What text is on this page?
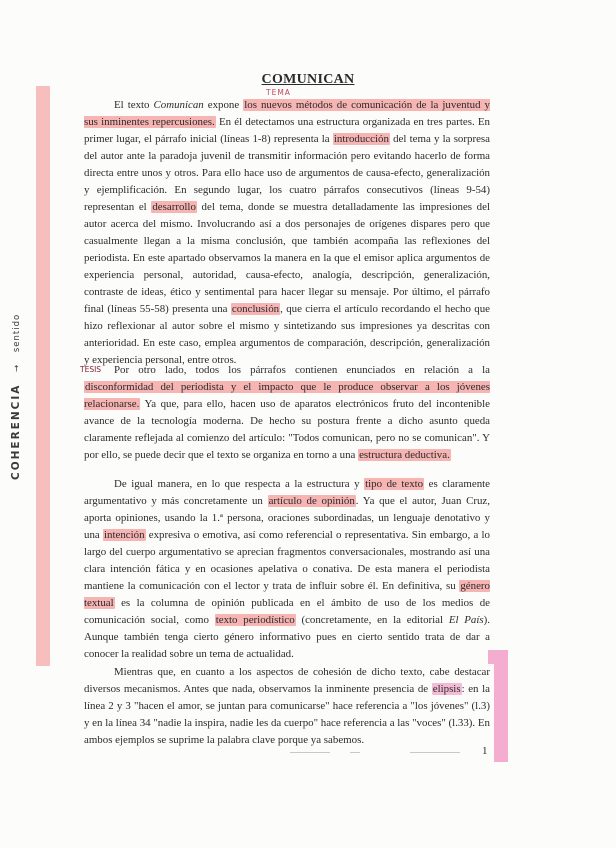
COHERENCIA → sentido
COMUNICAN
TEMA
TESIS

El texto Comunican expone los nuevos métodos de comunicación de la juventud y sus inminentes repercusiones. En él detectamos una estructura organizada en tres partes. En primer lugar, el párrafo inicial (líneas 1-8) representa la introducción del tema y la sorpresa del autor ante la paradoja juvenil de transmitir información pero evitando hacerlo de forma directa entre unos y otros. Para ello hace uso de argumentos de causa-efecto, generalización y ejemplificación. En segundo lugar, los cuatro párrafos consecutivos (líneas 9-54) representan el desarrollo del tema, donde se muestra detalladamente las impresiones del autor acerca del mismo. Involucrando así a dos personajes de orígenes dispares pero que casualmente llegan a la misma conclusión, que también acompaña las reflexiones del periodista. En este apartado observamos la manera en la que el emisor aplica argumentos de experiencia personal, autoridad, causa-efecto, analogía, descripción, generalización, contraste de ideas, ético y sentimental para hacer llegar su mensaje. Por último, el párrafo final (líneas 55-58) presenta una conclusión, que cierra el artículo recordando el hecho que hizo reflexionar al autor sobre el mismo y sintetizando sus impresiones ya descritas con anterioridad. En este caso, emplea argumentos de comparación, descripción, generalización y experiencia personal, entre otros.

Por otro lado, todos los párrafos contienen enunciados en relación a la disconformidad del periodista y el impacto que le produce observar a los jóvenes relacionarse. Ya que, para ello, hacen uso de aparatos electrónicos fruto del inconteniblе avance de la tecnología moderna. De hecho su postura frente a dicho asunto queda claramente reflejada al comienzo del artículo: "Todos comunican, pero no se comunican". Y por ello, se puede decir que el texto se organiza en torno a una estructura deductiva.

De igual manera, en lo que respecta a la estructura y tipo de texto es claramente argumentativo y más concretamente un artículo de opinión. Ya que el autor, Juan Cruz, aporta opiniones, usando la 1.ª persona, oraciones subordinadas, un lenguaje denotativo y una intención expresiva o emotiva, así como referencial o representativa. Sin embargo, a lo largo del cuerpo argumentativo se aprecian fragmentos conversacionales, mostrando así una clara intención fática y en ocasiones apelativa o conativa. De esta manera el periodista mantiene la comunicación con el lector y trata de influir sobre él. En definitiva, su género textual es la columna de opinión publicada en el ámbito de uso de los medios de comunicación social, como texto periodístico (concretamente, en la editorial El País). Aunque también tenga cierto género informativo pues en cierto sentido trata de dar a conocer la realidad sobre un tema de actualidad.

Mientras que, en cuanto a los aspectos de cohesión de dicho texto, cabe destacar diversos mecanismos. Antes que nada, observamos la inminente presencia de elipsis: en la línea 2 y 3 "hacen el amor, se juntan para comunicarse" hace referencia a "los jóvenes" (l.3) y en la línea 34 "nadie la inspira, nadie les da cuerpo" hace referencia a las "voces" (l.33). En ambos ejemplos se suprime la palabra clave porque ya sabemos.

1
